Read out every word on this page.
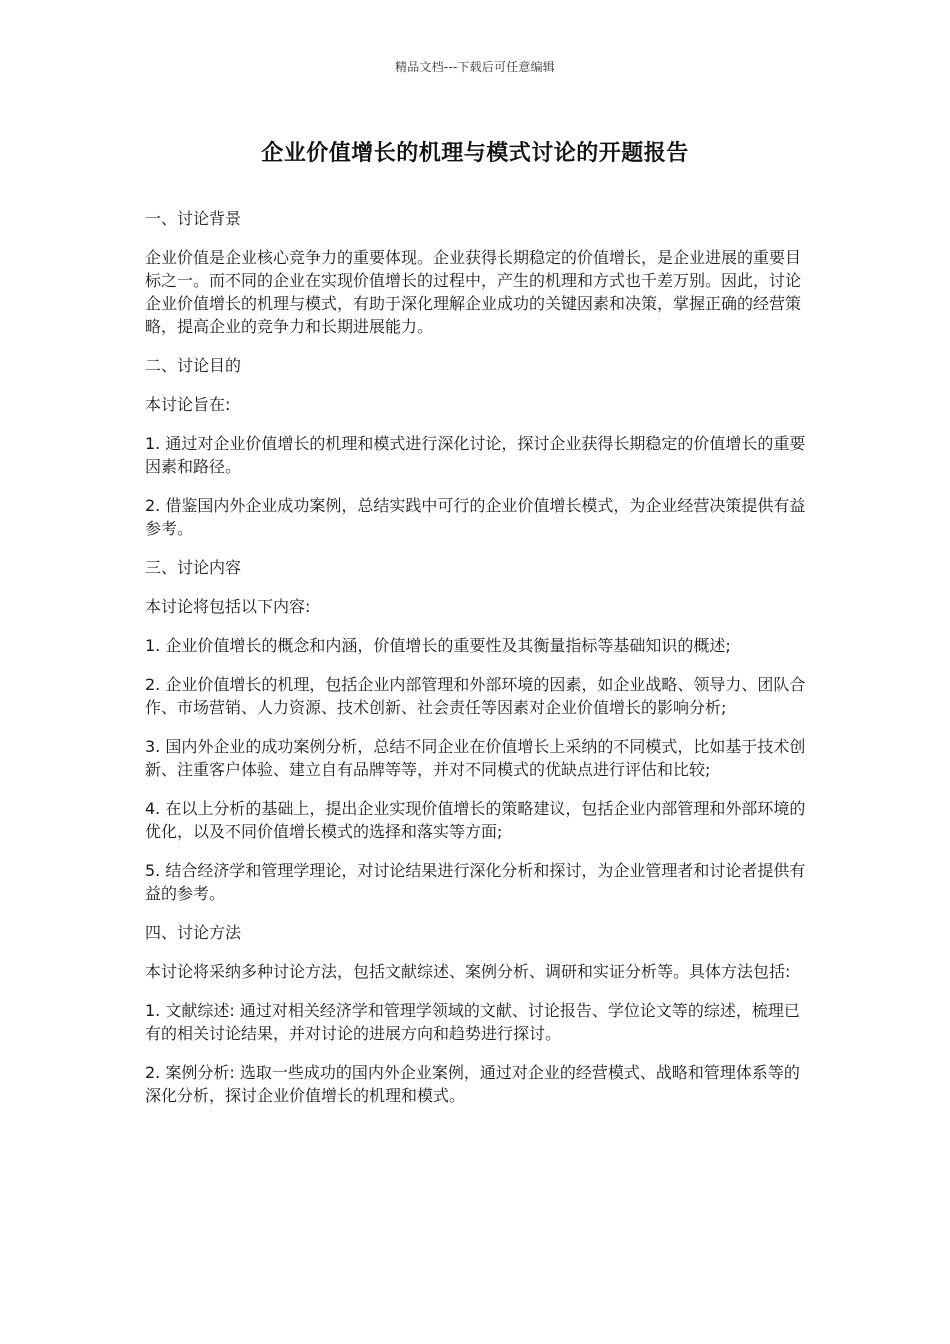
精品文档---下载后可任意编辑
企业价值增长的机理与模式讨论的开题报告

一、讨论背景

企业价值是企业核心竞争力的重要体现。企业获得长期稳定的价值增长，是企业进展的重要目标之一。而不同的企业在实现价值增长的过程中，产生的机理和方式也千差万别。因此，讨论企业价值增长的机理与模式，有助于深化理解企业成功的关键因素和决策，掌握正确的经营策略，提高企业的竞争力和长期进展能力。

二、讨论目的

本讨论旨在:

1. 通过对企业价值增长的机理和模式进行深化讨论，探讨企业获得长期稳定的价值增长的重要因素和路径。

2. 借鉴国内外企业成功案例，总结实践中可行的企业价值增长模式，为企业经营决策提供有益参考。

三、讨论内容

本讨论将包括以下内容:

1. 企业价值增长的概念和内涵，价值增长的重要性及其衡量指标等基础知识的概述;

2. 企业价值增长的机理，包括企业内部管理和外部环境的因素，如企业战略、领导力、团队合作、市场营销、人力资源、技术创新、社会责任等因素对企业价值增长的影响分析;

3. 国内外企业的成功案例分析，总结不同企业在价值增长上采纳的不同模式，比如基于技术创新、注重客户体验、建立自有品牌等等，并对不同模式的优缺点进行评估和比较;

4. 在以上分析的基础上，提出企业实现价值增长的策略建议，包括企业内部管理和外部环境的优化，以及不同价值增长模式的选择和落实等方面;

5. 结合经济学和管理学理论，对讨论结果进行深化分析和探讨，为企业管理者和讨论者提供有益的参考。

四、讨论方法

本讨论将采纳多种讨论方法，包括文献综述、案例分析、调研和实证分析等。具体方法包括:

1. 文献综述: 通过对相关经济学和管理学领域的文献、讨论报告、学位论文等的综述，梳理已有的相关讨论结果，并对讨论的进展方向和趋势进行探讨。

2. 案例分析: 选取一些成功的国内外企业案例，通过对企业的经营模式、战略和管理体系等的深化分析，探讨企业价值增长的机理和模式。
